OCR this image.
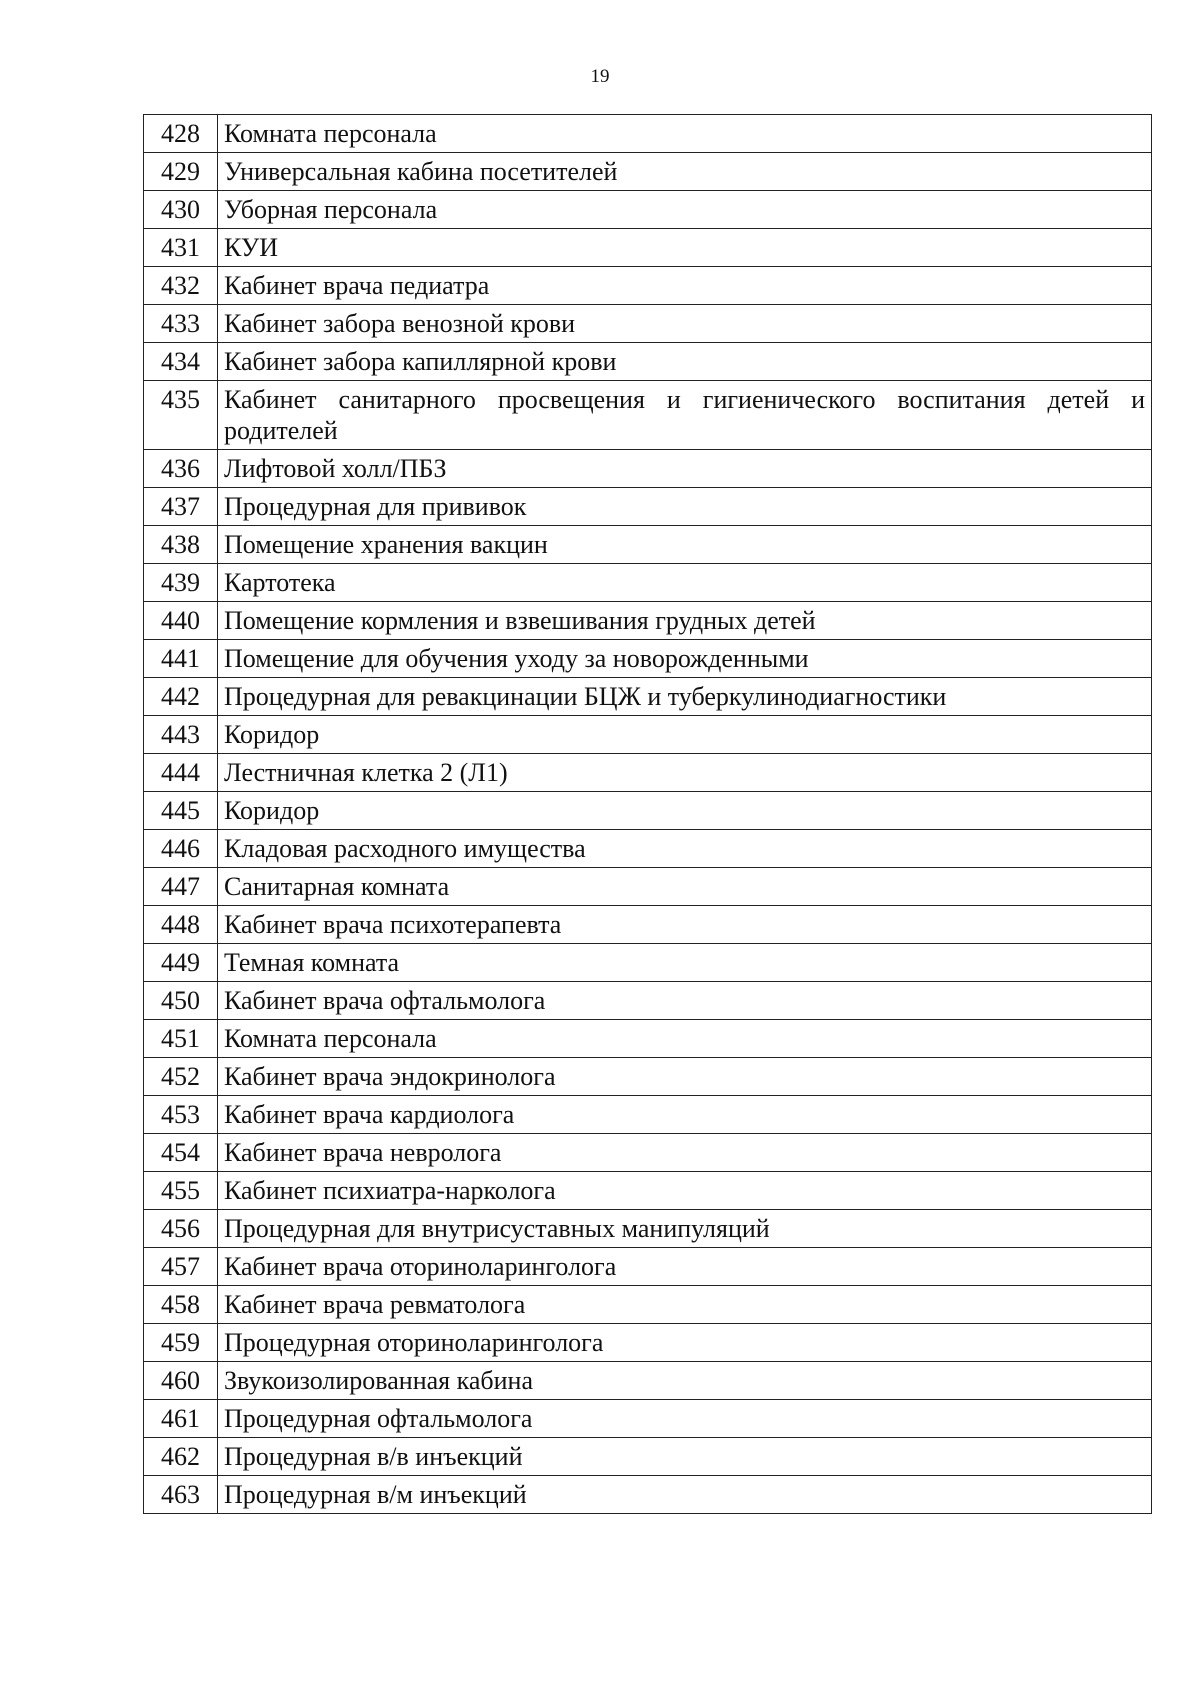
19
428	Комната персонала
429	Универсальная кабина посетителей
430	Уборная персонала
431	КУИ
432	Кабинет врача педиатра
433	Кабинет забора венозной крови
434	Кабинет забора капиллярной крови
435	Кабинет санитарного просвещения и гигиенического воспитания детей и родителей
436	Лифтовой холл/ПБЗ
437	Процедурная для прививок
438	Помещение хранения вакцин
439	Картотека
440	Помещение кормления и взвешивания грудных детей
441	Помещение для обучения уходу за новорожденными
442	Процедурная для ревакцинации БЦЖ и туберкулинодиагностики
443	Коридор
444	Лестничная клетка 2 (Л1)
445	Коридор
446	Кладовая расходного имущества
447	Санитарная комната
448	Кабинет врача психотерапевта
449	Темная комната
450	Кабинет врача офтальмолога
451	Комната персонала
452	Кабинет врача эндокринолога
453	Кабинет врача кардиолога
454	Кабинет врача невролога
455	Кабинет психиатра-нарколога
456	Процедурная для внутрисуставных манипуляций
457	Кабинет врача оториноларинголога
458	Кабинет врача ревматолога
459	Процедурная оториноларинголога
460	Звукоизолированная кабина
461	Процедурная офтальмолога
462	Процедурная в/в инъекций
463	Процедурная в/м инъекций
